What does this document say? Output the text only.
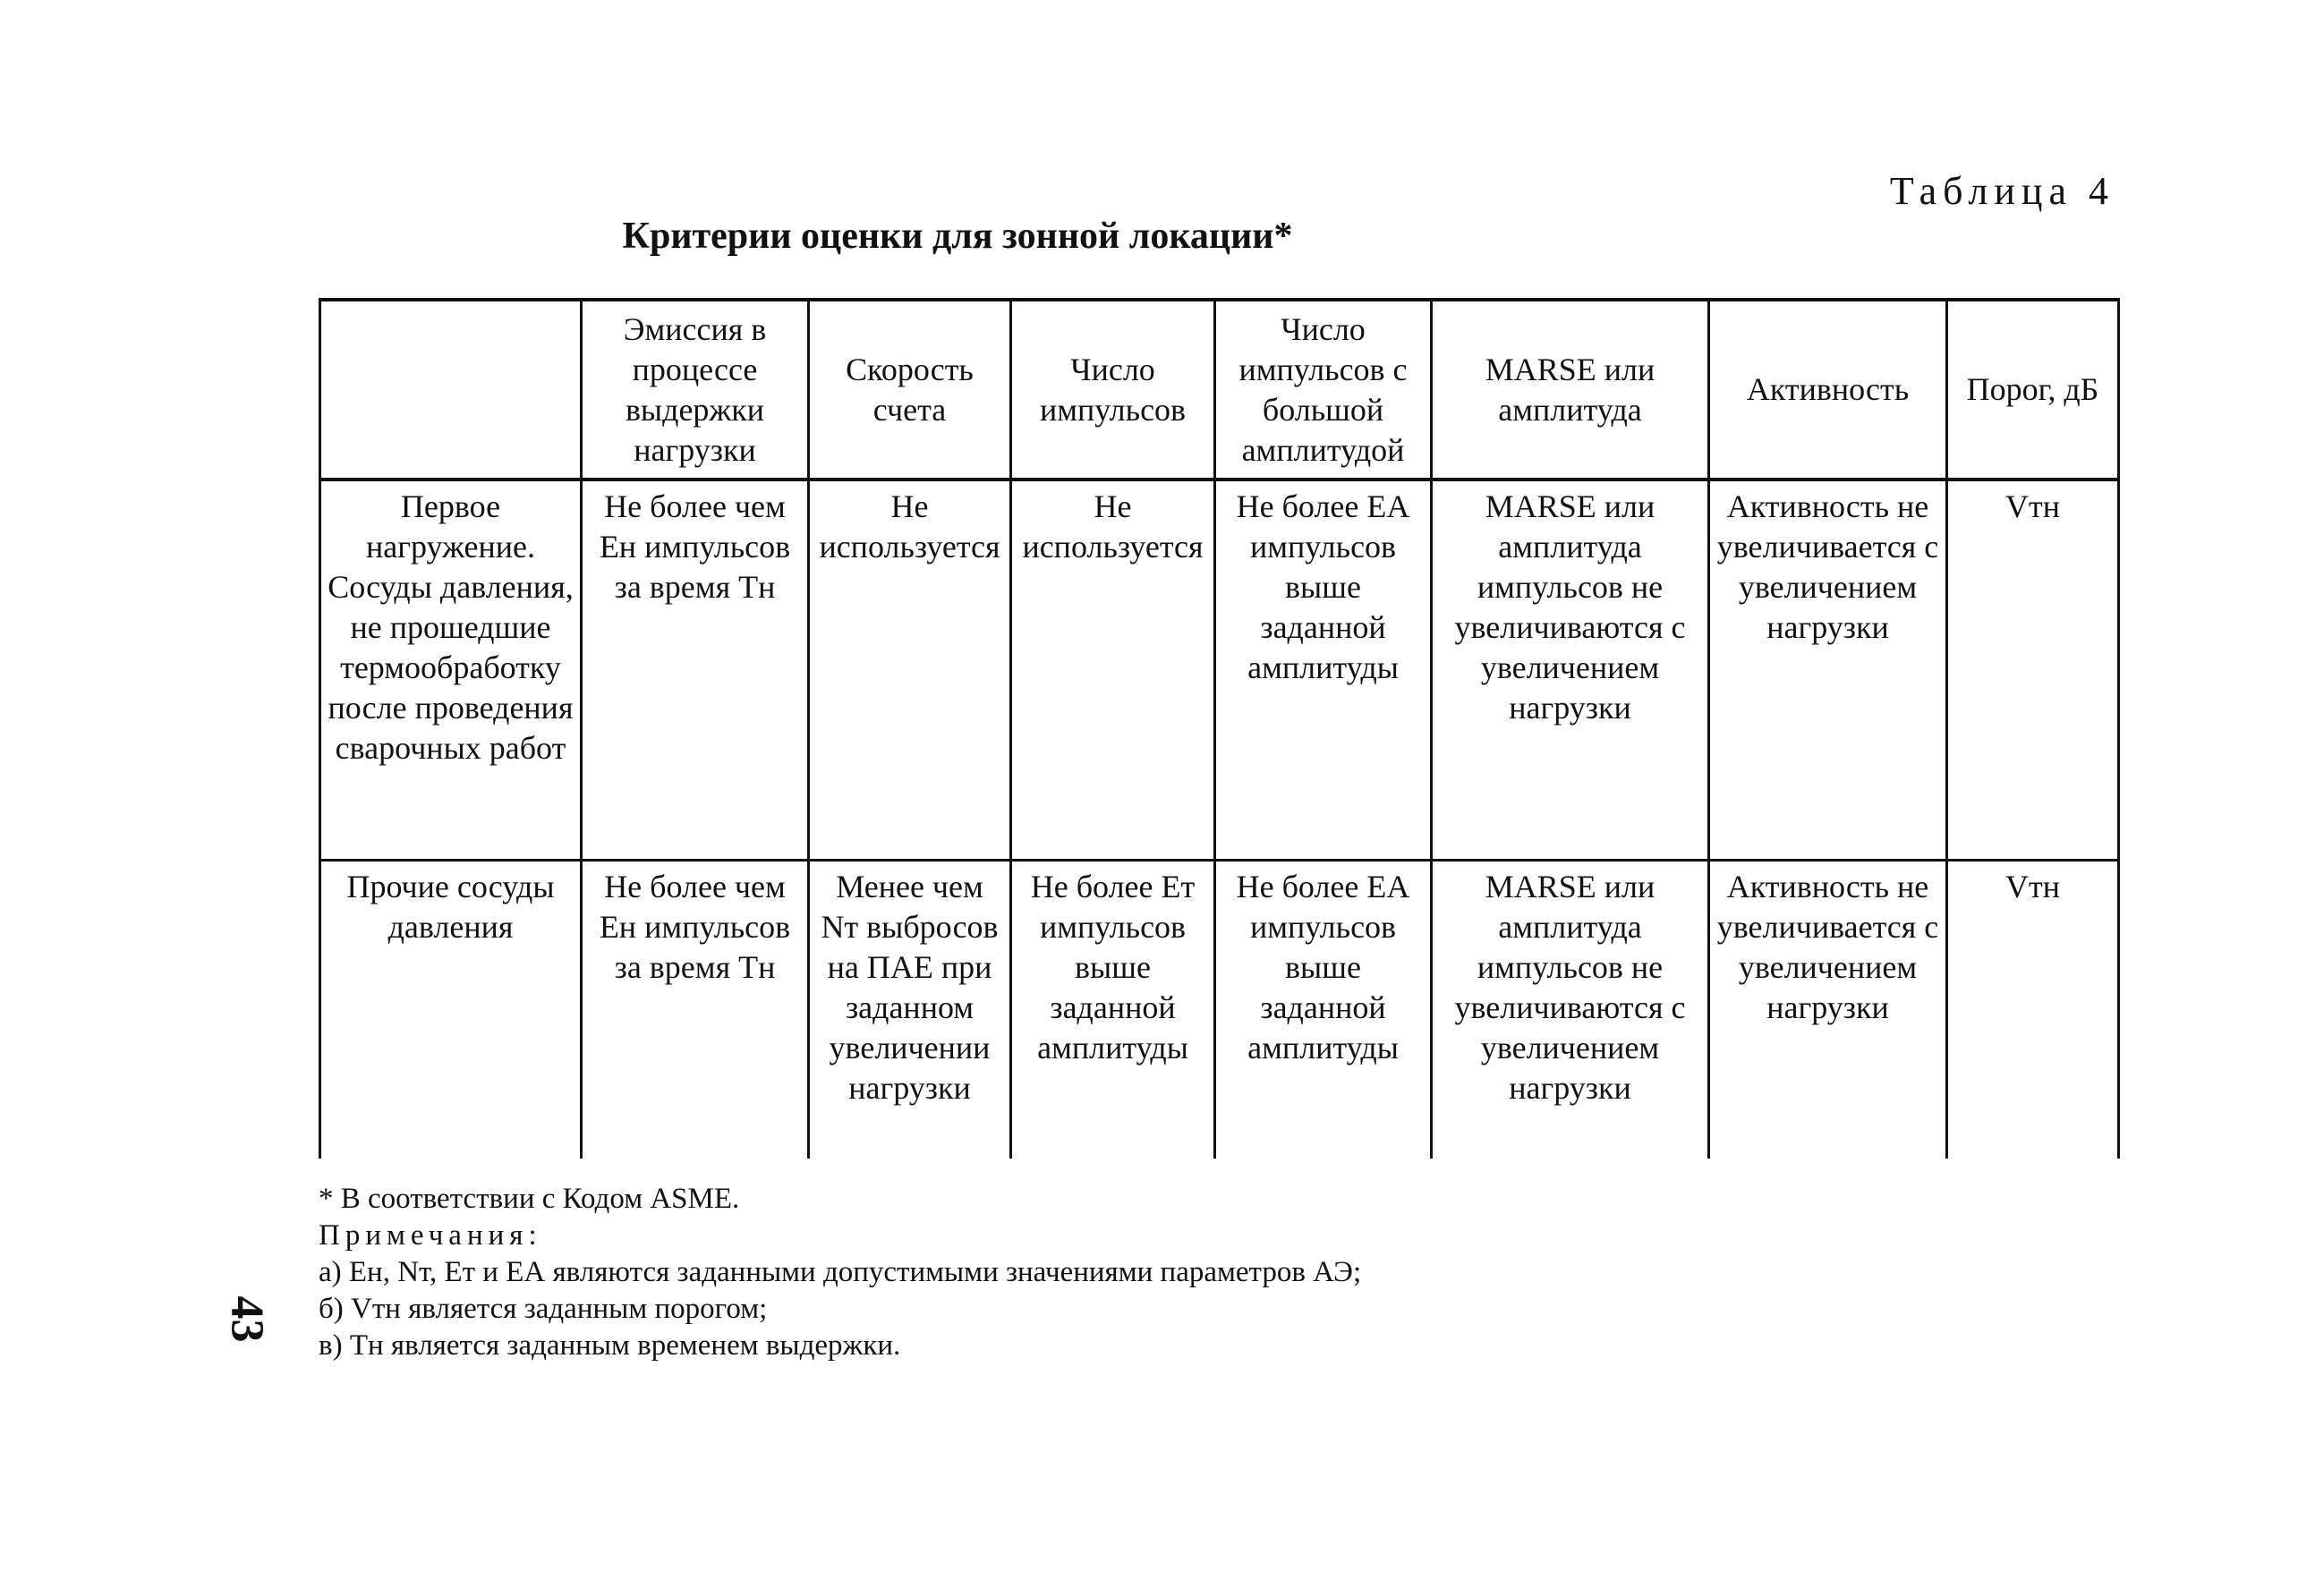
Таблица 4

Критерии оценки для зонной локации*
	Эмиссия в процессе выдержки нагрузки	Скорость счета	Число импульсов	Число импульсов с большой амплитудой	MARSE или амплитуда	Активность	Порог, дБ
Первое нагружение. Сосуды давления, не прошедшие термообработку после проведения сварочных работ	Не более чем Eн импульсов за время Tн	Не используется	Не используется	Не более EА импульсов выше заданной амплитуды	MARSE или амплитуда импульсов не увеличиваются с увеличением нагрузки	Активность не увеличивается с увеличением нагрузки	Vтн
Прочие сосуды давления	Не более чем Eн импульсов за время Tн	Менее чем Nт выбросов на ПАЕ при заданном увеличении нагрузки	Не более Eт импульсов выше заданной амплитуды	Не более EА импульсов выше заданной амплитуды	MARSE или амплитуда импульсов не увеличиваются с увеличением нагрузки	Активность не увеличивается с увеличением нагрузки	Vтн

* В соответствии с Кодом ASME.

Примечания:

а) Eн, Nт, Eт и EА являются заданными допустимыми значениями параметров АЭ;

б) Vтн является заданным порогом;

в) Tн является заданным временем выдержки.

43
